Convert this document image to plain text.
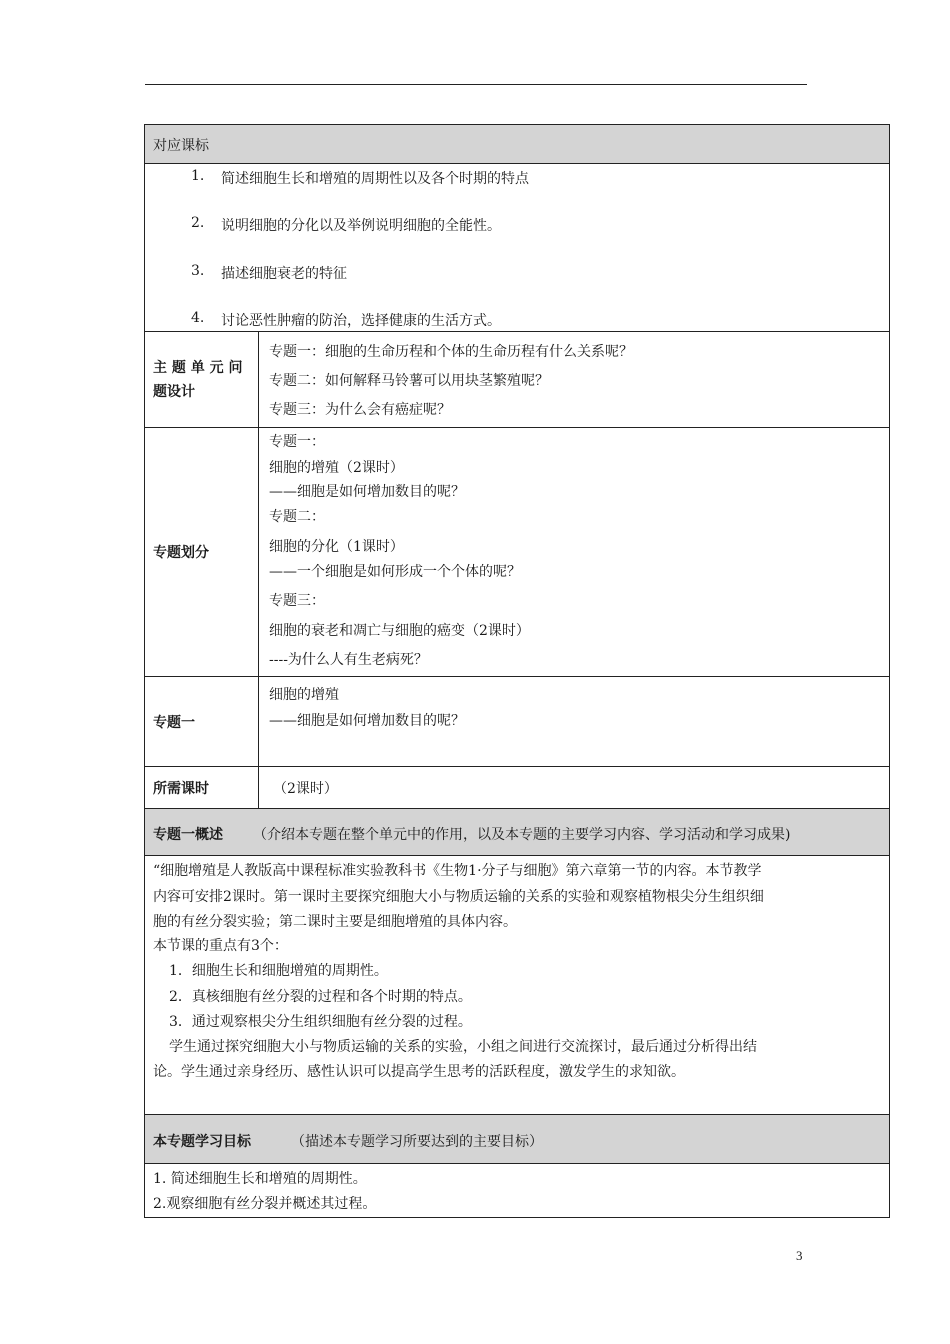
对应课标
1. 简述细胞生长和增殖的周期性以及各个时期的特点
2. 说明细胞的分化以及举例说明细胞的全能性。
3. 描述细胞衰老的特征
4. 讨论恶性肿瘤的防治，选择健康的生活方式。
主 题 单 元 问
题设计
专题一：细胞的生命历程和个体的生命历程有什么关系呢？
专题二：如何解释马铃薯可以用块茎繁殖呢？
专题三：为什么会有癌症呢？
专题划分
专题一：
细胞的增殖（2课时）
——细胞是如何增加数目的呢？
专题二：
细胞的分化（1课时）
——一个细胞是如何形成一个个体的呢？
专题三：
细胞的衰老和凋亡与细胞的癌变（2课时）
----为什么人有生老病死？
专题一
细胞的增殖
——细胞是如何增加数目的呢？
所需课时	（2课时）
专题一概述 （介绍本专题在整个单元中的作用，以及本专题的主要学习内容、学习活动和学习成果)
“细胞增殖是人教版高中课程标准实验教科书《生物1·分子与细胞》第六章第一节的内容。本节教学
内容可安排2课时。第一课时主要探究细胞大小与物质运输的关系的实验和观察植物根尖分生组织细
胞的有丝分裂实验；第二课时主要是细胞增殖的具体内容。
本节课的重点有3个：
1．细胞生长和细胞增殖的周期性。
2．真核细胞有丝分裂的过程和各个时期的特点。
3．通过观察根尖分生组织细胞有丝分裂的过程。
学生通过探究细胞大小与物质运输的关系的实验，小组之间进行交流探讨，最后通过分析得出结
论。学生通过亲身经历、感性认识可以提高学生思考的活跃程度，激发学生的求知欲。
本专题学习目标	（描述本专题学习所要达到的主要目标）
1. 简述细胞生长和增殖的周期性。
2.观察细胞有丝分裂并概述其过程。
3
